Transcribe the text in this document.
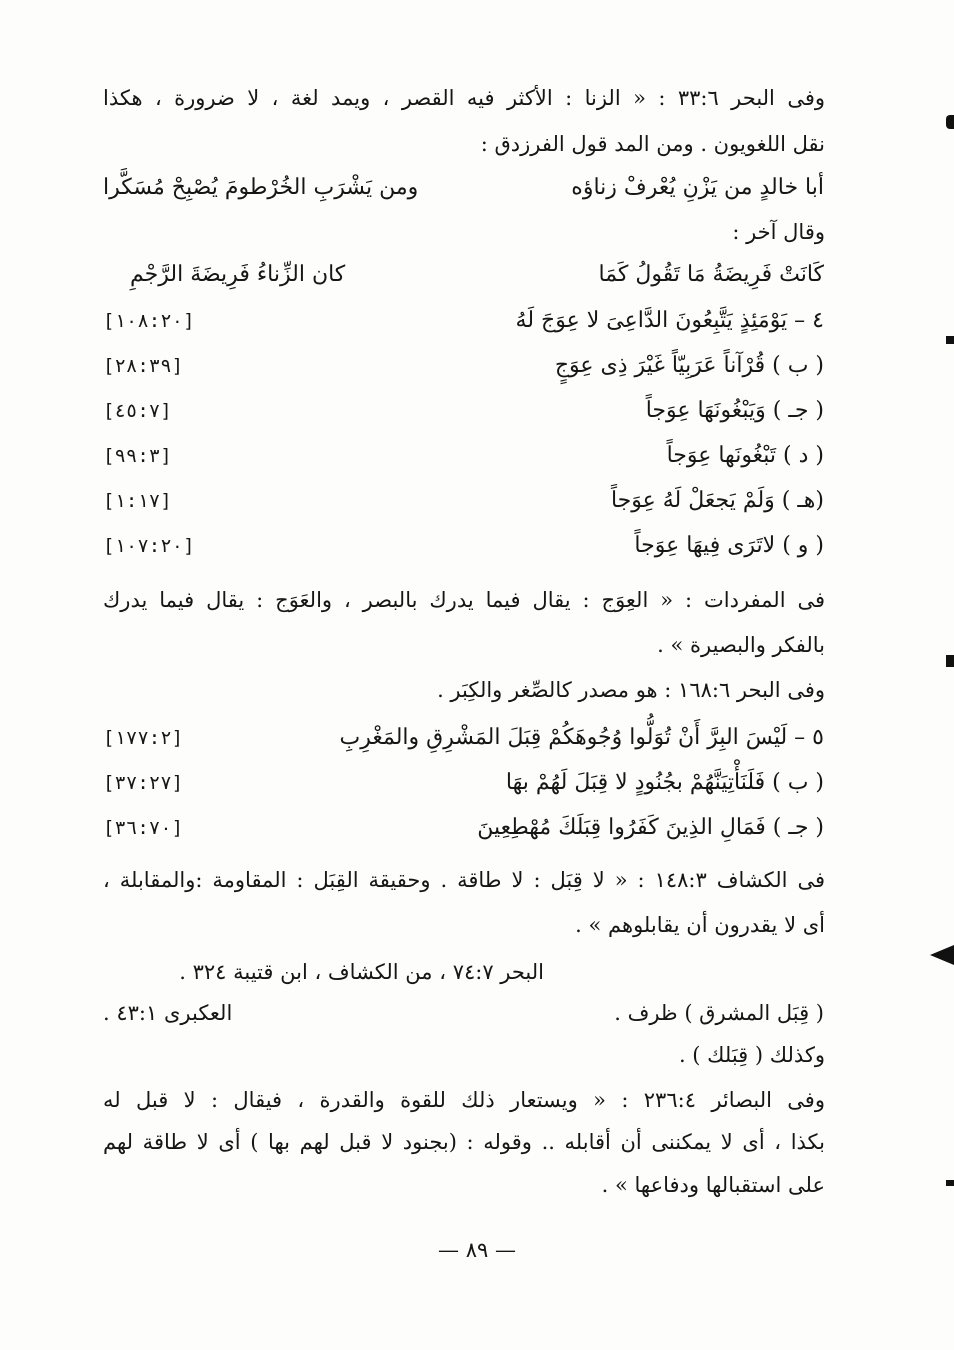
وفى البحر ٣٣:٦ : « الزنا : الأكثر فيه القصر ، ويمد لغة ، لا ضرورة ، هكذا
نقل اللغويون . ومن المد قول الفرزدق :
أبا خالدٍ من يَزْنِ يُعْرفْ زناؤه
ومن يَشْرَبِ الخُرْطومَ يُصْبِحْ مُسَكَّرا
وقال آخر :
كَانَتْ فَرِيضَةُ مَا تَقُولُ كَمَا
كان الزِّناءُ فَرِيضَةَ الرَّجْمِ
٤ – يَوْمَئِذٍ يَتَّبِعُونَ الدَّاعِىَ لا عِوَجَ لَهُ
[١٠٨:٢٠]
( ب ) قُرْآناً عَرَبِيّاً غَيْرَ ذِى عِوَجٍ
[٢٨:٣٩]
( جـ ) وَيَبْغُونَهَا عِوَجاً
[٤٥:٧]
( د ) تَبْغُونَها عِوَجاً
[٩٩:٣]
(هـ ) وَلَمْ يَجعَلْ لَهُ عِوَجاً
[١:١٧]
( و ) لاتَرَى فِيهَا عِوَجاً
[١٠٧:٢٠]
فى المفردات : « العِوَج : يقال فيما يدرك بالبصر ، والعَوَج : يقال فيما يدرك
بالفكر والبصيرة » .
وفى البحر ١٦٨:٦ : هو مصدر كالصِّغر والكِبَر .
٥ – لَيْسَ البِرَّ أَنْ تُوَلُّوا وُجُوهَكُمْ قِبَلَ المَشْرِقِ والمَغْرِبِ
[١٧٧:٢]
( ب ) فَلَنَأْتِيَنَّهُمْ بجُنُودٍ لا قِبَلَ لَهُمْ بهَا
[٣٧:٢٧]
( جـ ) فَمَالِ الذِينَ كَفَرُوا قِبَلَكَ مُهْطِعِينَ
[٣٦:٧٠]
فى الكشاف ١٤٨:٣ : « لا قِبَل : لا طاقة . وحقيقة القِبَل : المقاومة :والمقابلة ،
أى لا يقدرون أن يقابلوهم » .
البحر ٧٤:٧ ، من الكشاف ، ابن قتيبة ٣٢٤ .
( قِبَل المشرق ) ظرف .
العكبرى ٤٣:١ .
وكذلك ( قِبَلك ) .
وفى البصائر ٢٣٦:٤ : « ويستعار ذلك للقوة والقدرة ، فيقال : لا قبل له
بكذا ، أى لا يمكننى أن أقابله .. وقوله : (بجنود لا قبل لهم بها ) أى لا طاقة لهم
على استقبالها ودفاعها » .
— ٨٩ —
